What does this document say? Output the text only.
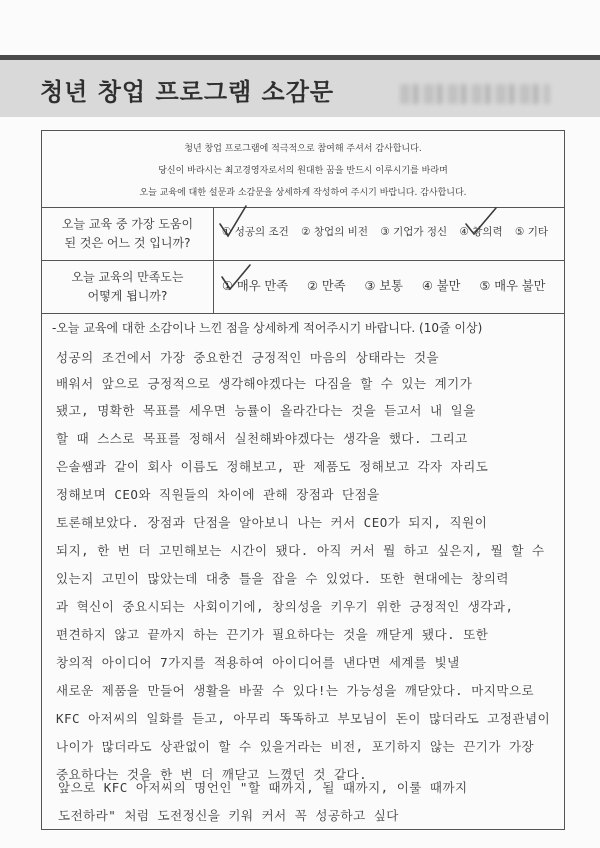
청년 창업 프로그램 소감문
청년 창업 프로그램에 적극적으로 참여해 주셔서 감사합니다.
당신이 바라시는 최고경영자로서의 원대한 꿈을 반드시 이루시기를 바라며
오늘 교육에 대한 설문과 소감문을 상세하게 작성하여 주시기 바랍니다. 감사합니다.
오늘 교육 중 가장 도움이
된 것은 어느 것 입니까?
① 성공의 조건 ② 창업의 비전 ③ 기업가 정신 ④ 창의력 ⑤ 기타
오늘 교육의 만족도는
어떻게 됩니까?
① 매우 만족 ② 만족 ③ 보통 ④ 불만 ⑤ 매우 불만
-오늘 교육에 대한 소감이나 느낀 점을 상세하게 적어주시기 바랍니다. (10줄 이상)
성공의 조건에서 가장 중요한건 긍정적인 마음의 상태라는 것을
배워서 앞으로 긍정적으로 생각해야겠다는 다짐을 할 수 있는 계기가
됐고, 명확한 목표를 세우면 능률이 올라간다는 것을 듣고서 내 일을
할 때 스스로 목표를 정해서 실천해봐야겠다는 생각을 했다. 그리고
은솔쌤과 같이 회사 이름도 정해보고, 판 제품도 정해보고 각자 자리도
정해보며 CEO와 직원들의 차이에 관해 장점과 단점을
토론해보았다. 장점과 단점을 알아보니 나는 커서 CEO가 되지, 직원이
되지, 한 번 더 고민해보는 시간이 됐다. 아직 커서 뭘 하고 싶은지, 뭘 할 수
있는지 고민이 많았는데 대충 틀을 잡을 수 있었다. 또한 현대에는 창의력
과 혁신이 중요시되는 사회이기에, 창의성을 키우기 위한 긍정적인 생각과,
편견하지 않고 끝까지 하는 끈기가 필요하다는 것을 깨닫게 됐다. 또한
창의적 아이디어 7가지를 적용하여 아이디어를 낸다면 세계를 빛낼
새로운 제품을 만들어 생활을 바꿀 수 있다!는 가능성을 깨닫았다. 마지막으로
KFC 아저씨의 일화를 듣고, 아무리 똑똑하고 부모님이 돈이 많더라도 고정관념이
나이가 많더라도 상관없이 할 수 있을거라는 비전, 포기하지 않는 끈기가 가장
중요하다는 것을 한 번 더 깨닫고 느꼈던 것 같다.
앞으로 KFC 아저씨의 명언인 "할 때까지, 될 때까지, 이룰 때까지
도전하라" 처럼 도전정신을 키워 커서 꼭 성공하고 싶다
